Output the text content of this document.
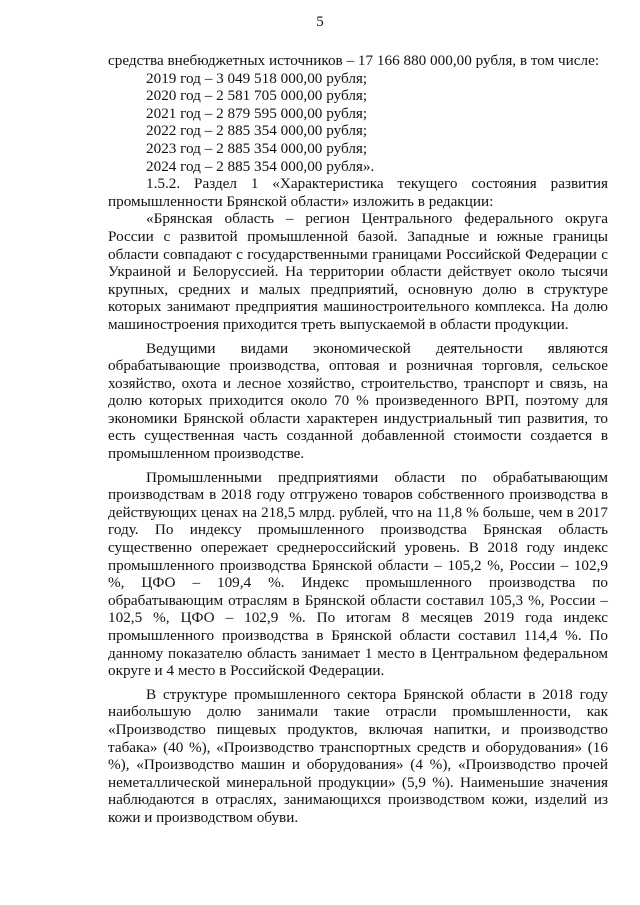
5

средства внебюджетных источников – 17 166 880 000,00 рубля, в том числе:

2019 год – 3 049 518 000,00 рубля;

2020 год – 2 581 705 000,00 рубля;

2021 год – 2 879 595 000,00 рубля;

2022 год – 2 885 354 000,00 рубля;

2023 год – 2 885 354 000,00 рубля;

2024 год – 2 885 354 000,00 рубля».

1.5.2. Раздел 1 «Характеристика текущего состояния развития промышленности Брянской области» изложить в редакции:

«Брянская область – регион Центрального федерального округа России с развитой промышленной базой. Западные и южные границы области совпадают с государственными границами Российской Федерации с Украиной и Белоруссией. На территории области действует около тысячи крупных, средних и малых предприятий, основную долю в структуре которых занимают предприятия машиностроительного комплекса. На долю машиностроения приходится треть выпускаемой в области продукции.

Ведущими видами экономической деятельности являются обрабатывающие производства, оптовая и розничная торговля, сельское хозяйство, охота и лесное хозяйство, строительство, транспорт и связь, на долю которых приходится около 70 % произведенного ВРП, поэтому для экономики Брянской области характерен индустриальный тип развития, то есть существенная часть созданной добавленной стоимости создается в промышленном производстве.

Промышленными предприятиями области по обрабатывающим производствам в 2018 году отгружено товаров собственного производства в действующих ценах на 218,5 млрд. рублей, что на 11,8 % больше, чем в 2017 году. По индексу промышленного производства Брянская область существенно опережает среднероссийский уровень. В 2018 году индекс промышленного производства Брянской области – 105,2 %, России – 102,9 %, ЦФО – 109,4 %. Индекс промышленного производства по обрабатывающим отраслям в Брянской области составил 105,3 %, России – 102,5 %, ЦФО – 102,9 %. По итогам 8 месяцев 2019 года индекс промышленного производства в Брянской области составил 114,4 %. По данному показателю область занимает 1 место в Центральном федеральном округе и 4 место в Российской Федерации.

В структуре промышленного сектора Брянской области в 2018 году наибольшую долю занимали такие отрасли промышленности, как «Производство пищевых продуктов, включая напитки, и производство табака» (40 %), «Производство транспортных средств и оборудования» (16 %), «Производство машин и оборудования» (4 %), «Производство прочей неметаллической минеральной продукции» (5,9 %). Наименьшие значения наблюдаются в отраслях, занимающихся производством кожи, изделий из кожи и производством обуви.
